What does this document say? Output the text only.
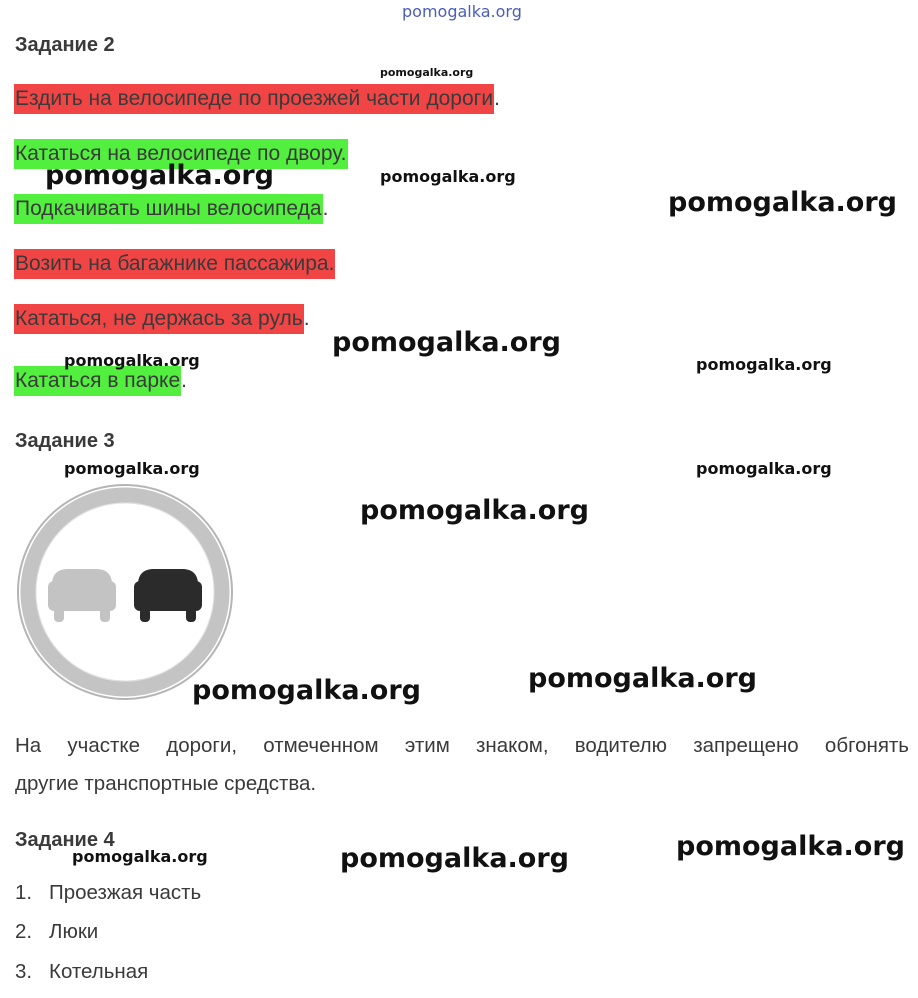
pomogalka.org
Задание 2
Ездить на велосипеде по проезжей части дороги.
Кататься на велосипеде по двору.
Подкачивать шины велосипеда.
Возить на багажнике пассажира.
Кататься, не держась за руль.
Кататься в парке.
Задание 3
На участке дороги, отмеченном этим знаком, водителю запрещено обгонять
другие транспортные средства.
Задание 4
1. Проезжая часть
2. Люки
3. Котельная
pomogalka.org
pomogalka.org	pomogalka.org
pomogalka.org
pomogalka.org
pomogalka.org	pomogalka.org
pomogalka.org	pomogalka.org
pomogalka.org
pomogalka.org
pomogalka.org
pomogalka.org
pomogalka.org	pomogalka.org
